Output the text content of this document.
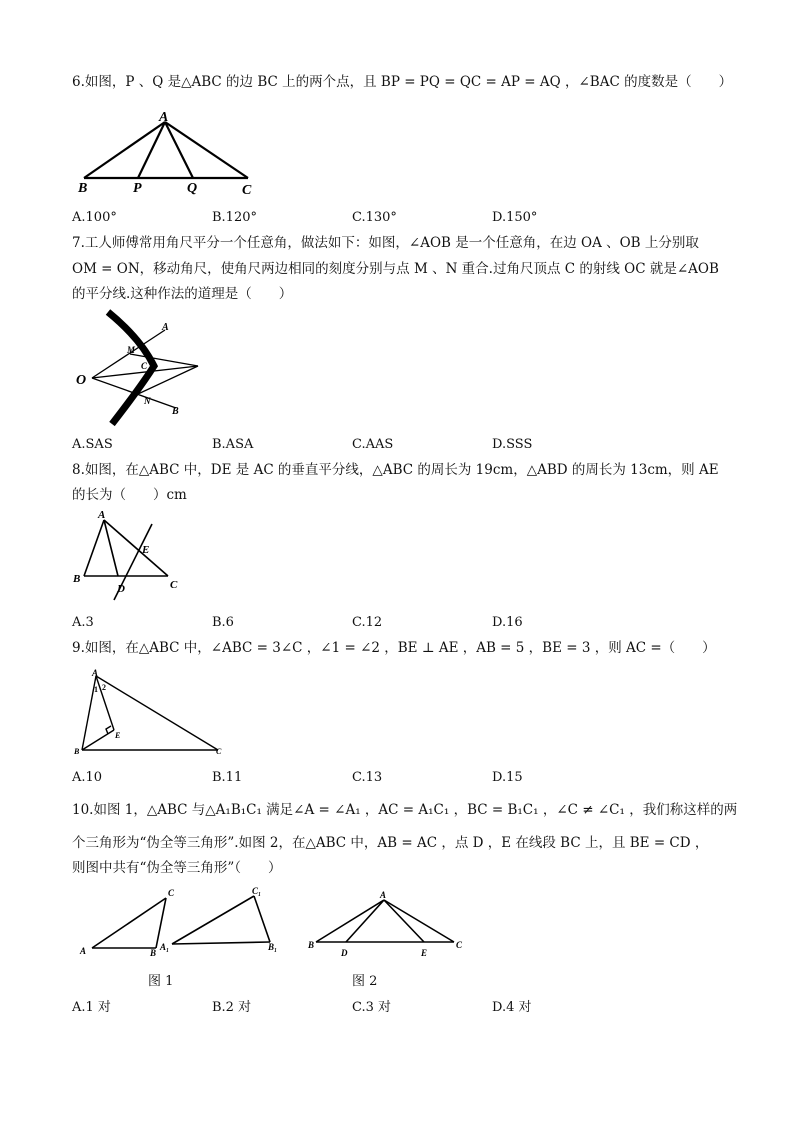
6.如图，P 、Q 是△ABC 的边 BC 上的两个点，且 BP = PQ = QC = AP = AQ ，∠BAC 的度数是（　　）
A
B	P	Q	C
A.100°	B.120°	C.130°	D.150°
7.工人师傅常用角尺平分一个任意角，做法如下：如图，∠AOB 是一个任意角，在边 OA 、OB 上分别取
OM = ON，移动角尺，使角尺两边相同的刻度分别与点 M 、N 重合.过角尺顶点 C 的射线 OC 就是∠AOB
的平分线.这种作法的道理是（　　）
A
M
C
O
N
B
A.SAS	B.ASA	C.AAS	D.SSS
8.如图，在△ABC 中，DE 是 AC 的垂直平分线，△ABC 的周长为 19cm，△ABD 的周长为 13cm，则 AE
的长为（　　）cm
A
E
B
D	C
A.3	B.6	C.12	D.16
9.如图，在△ABC 中，∠ABC = 3∠C ，∠1 = ∠2 ，BE ⊥ AE ，AB = 5 ，BE = 3 ，则 AC =（　　）
A
1 2
E
B	C
A.10	B.11	C.13	D.15
10.如图 1，△ABC 与△A₁B₁C₁ 满足∠A = ∠A₁ ，AC = A₁C₁ ，BC = B₁C₁ ，∠C ≠ ∠C₁ ，我们称这样的两
个三角形为“伪全等三角形”.如图 2，在△ABC 中，AB = AC ，点 D ，E 在线段 BC 上，且 BE = CD ，
则图中共有“伪全等三角形”（　　）
A	B
C
A₁	B₁
C₁	A
B
D	E
C
图 1	图 2
A.1 对	B.2 对	C.3 对	D.4 对
